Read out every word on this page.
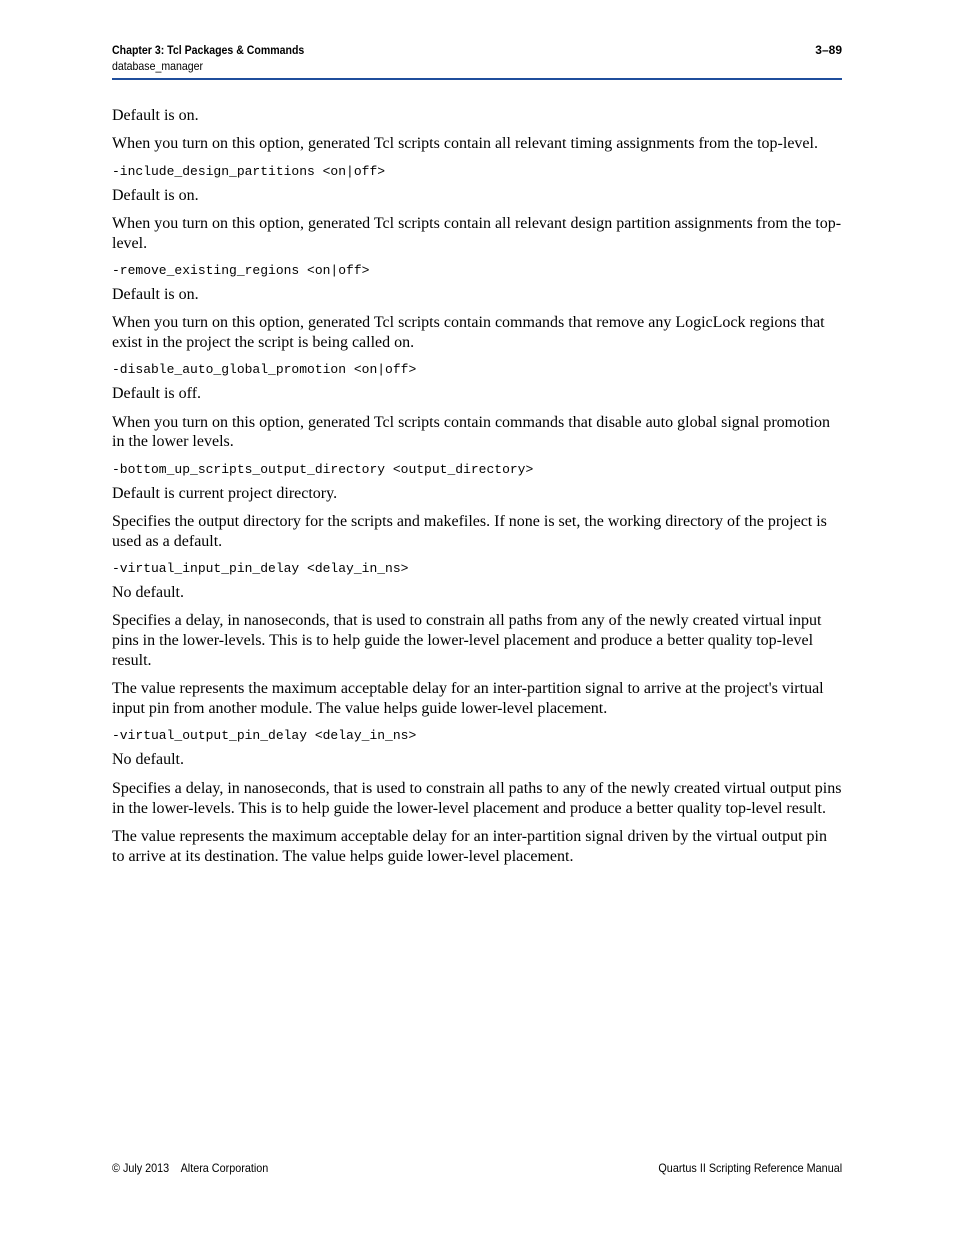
Chapter 3: Tcl Packages & Commands
database_manager
3–89

Default is on.

When you turn on this option, generated Tcl scripts contain all relevant timing assignments from the top-level.

-include_design_partitions <on|off>

Default is on.

When you turn on this option, generated Tcl scripts contain all relevant design partition assignments from the top-level.

-remove_existing_regions <on|off>

Default is on.

When you turn on this option, generated Tcl scripts contain commands that remove any LogicLock regions that exist in the project the script is being called on.

-disable_auto_global_promotion <on|off>

Default is off.

When you turn on this option, generated Tcl scripts contain commands that disable auto global signal promotion in the lower levels.

-bottom_up_scripts_output_directory <output_directory>

Default is current project directory.

Specifies the output directory for the scripts and makefiles. If none is set, the working directory of the project is used as a default.

-virtual_input_pin_delay <delay_in_ns>

No default.

Specifies a delay, in nanoseconds, that is used to constrain all paths from any of the newly created virtual input pins in the lower-levels. This is to help guide the lower-level placement and produce a better quality top-level result.

The value represents the maximum acceptable delay for an inter-partition signal to arrive at the project's virtual input pin from another module. The value helps guide lower-level placement.

-virtual_output_pin_delay <delay_in_ns>

No default.

Specifies a delay, in nanoseconds, that is used to constrain all paths to any of the newly created virtual output pins in the lower-levels. This is to help guide the lower-level placement and produce a better quality top-level result.

The value represents the maximum acceptable delay for an inter-partition signal driven by the virtual output pin to arrive at its destination. The value helps guide lower-level placement.

© July 2013    Altera Corporation	Quartus II Scripting Reference Manual
